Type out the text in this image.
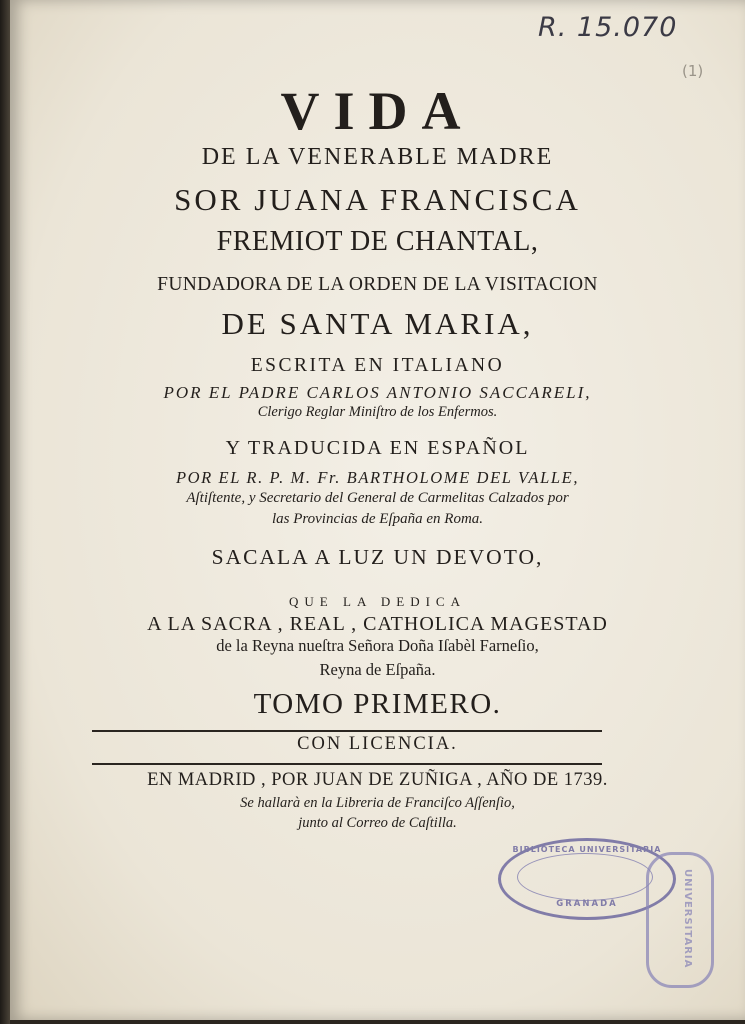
R. 15.070
(1)
VIDA
DE LA VENERABLE MADRE
SOR JUANA FRANCISCA
FREMIOT DE CHANTAL,
FUNDADORA DE LA ORDEN DE LA VISITACION
DE SANTA MARIA,
ESCRITA EN ITALIANO
POR EL PADRE CARLOS ANTONIO SACCARELI,
Clerigo Reglar Miniſtro de los Enfermos.
Y TRADUCIDA EN ESPAÑOL
POR EL R. P. M. Fr. BARTHOLOME DEL VALLE,
Aſtiſtente, y Secretario del General de Carmelitas Calzados por
las Provincias de Eſpaña en Roma.
SACALA A LUZ UN DEVOTO,
QUE LA DEDICA
A LA SACRA , REAL , CATHOLICA MAGESTAD
de la Reyna nueſtra Señora Doña Iſabèl Farneſio,
Reyna de Eſpaña.
TOMO PRIMERO.
CON LICENCIA.
EN MADRID , POR JUAN DE ZUÑIGA , AÑO DE 1739.
Se hallarà en la Libreria de Franciſco Aſſenſio,
junto al Correo de Caſtilla.
BIBLIOTECA UNIVERSITARIA
GRANADA	UNIVERSITARIA
